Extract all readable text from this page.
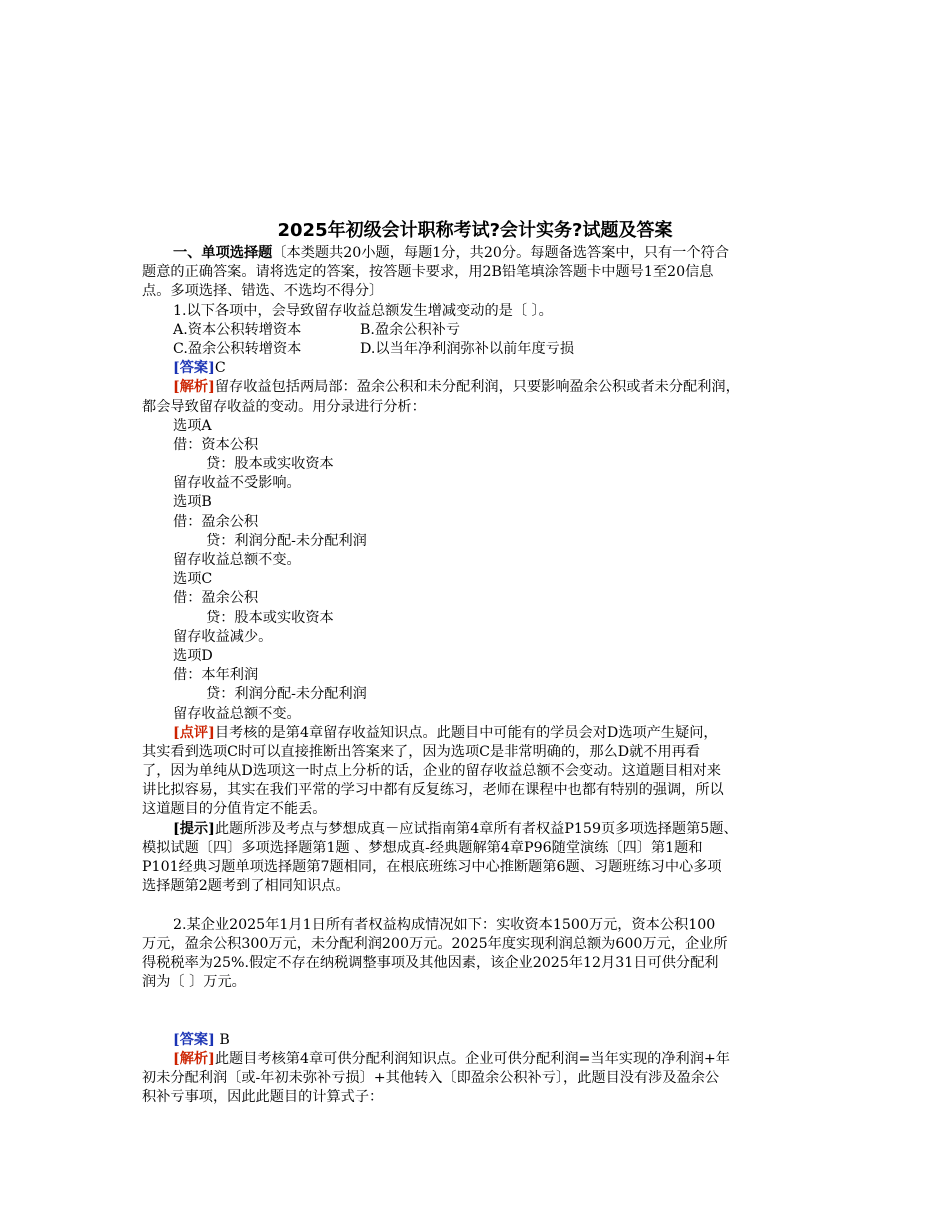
2025年初级会计职称考试?会计实务?试题及答案
一、单项选择题〔本类题共20小题，每题1分，共20分。每题备选答案中，只有一个符合
题意的正确答案。请将选定的答案，按答题卡要求，用2B铅笔填涂答题卡中题号1至20信息
点。多项选择、错选、不选均不得分〕
1.以下各项中，会导致留存收益总额发生增减变动的是〔 〕。
A.资本公积转增资本	B.盈余公积补亏
C.盈余公积转增资本	D.以当年净利润弥补以前年度亏损
[答案]C
[解析]留存收益包括两局部：盈余公积和未分配利润，只要影响盈余公积或者未分配利润，
都会导致留存收益的变动。用分录进行分析：
选项A
借：资本公积
贷：股本或实收资本
留存收益不受影响。
选项B
借：盈余公积
贷：利润分配-未分配利润
留存收益总额不变。
选项C
借：盈余公积
贷：股本或实收资本
留存收益减少。
选项D
借：本年利润
贷：利润分配-未分配利润
留存收益总额不变。
[点评]目考核的是第4章留存收益知识点。此题目中可能有的学员会对D选项产生疑问，
其实看到选项C时可以直接推断出答案来了，因为选项C是非常明确的，那么D就不用再看
了，因为单纯从D选项这一时点上分析的话，企业的留存收益总额不会变动。这道题目相对来
讲比拟容易，其实在我们平常的学习中都有反复练习，老师在课程中也都有特别的强调，所以
这道题目的分值肯定不能丢。
[提示]此题所涉及考点与梦想成真－应试指南第4章所有者权益P159页多项选择题第5题、
模拟试题〔四〕多项选择题第1题 、梦想成真-经典题解第4章P96随堂演练〔四〕第1题和
P101经典习题单项选择题第7题相同，在根底班练习中心推断题第6题、习题班练习中心多项
选择题第2题考到了相同知识点。
2.某企业2025年1月1日所有者权益构成情况如下：实收资本1500万元，资本公积100
万元，盈余公积300万元，未分配利润200万元。2025年度实现利润总额为600万元，企业所
得税税率为25%.假定不存在纳税调整事项及其他因素，该企业2025年12月31日可供分配利
润为〔 〕万元。
[答案] B
[解析]此题目考核第4章可供分配利润知识点。企业可供分配利润=当年实现的净利润+年
初未分配利润〔或-年初未弥补亏损〕+其他转入〔即盈余公积补亏〕，此题目没有涉及盈余公
积补亏事项，因此此题目的计算式子：
